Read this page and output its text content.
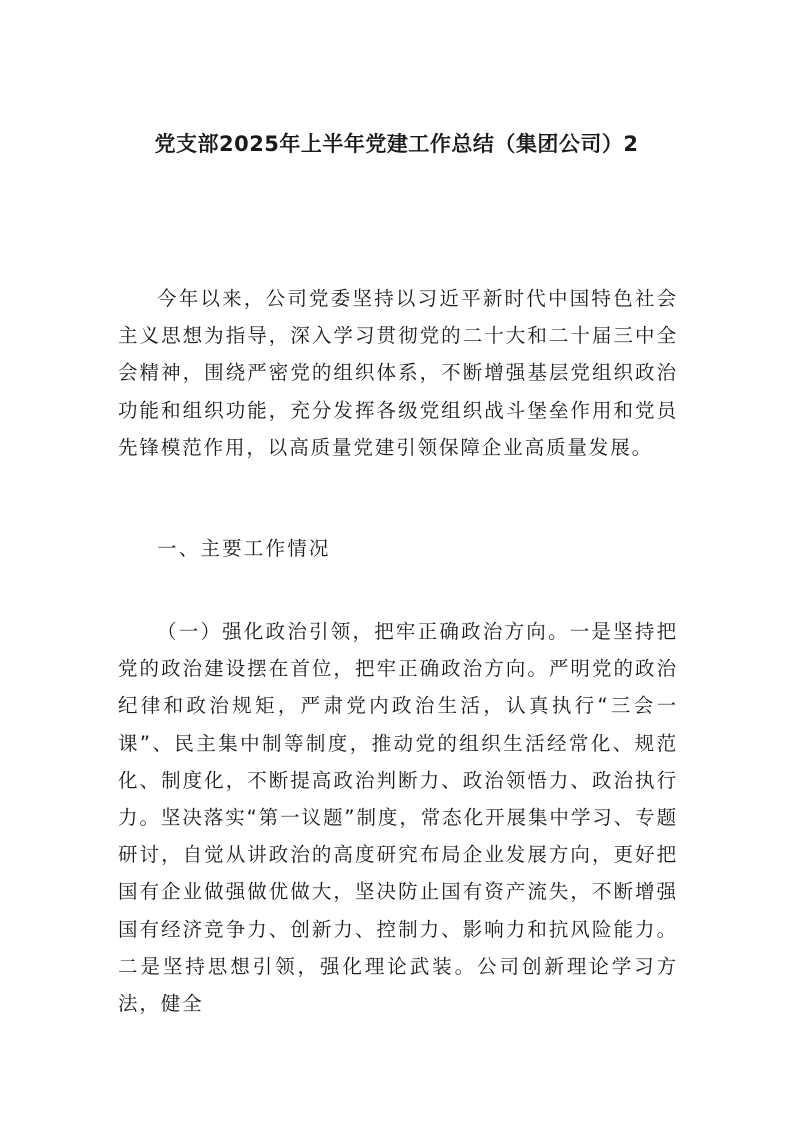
党支部2025年上半年党建工作总结（集团公司）2

今年以来，公司党委坚持以习近平新时代中国特色社会主义思想为指导，深入学习贯彻党的二十大和二十届三中全会精神，围绕严密党的组织体系，不断增强基层党组织政治功能和组织功能，充分发挥各级党组织战斗堡垒作用和党员先锋模范作用，以高质量党建引领保障企业高质量发展。

一、主要工作情况

（一）强化政治引领，把牢正确政治方向。一是坚持把党的政治建设摆在首位，把牢正确政治方向。严明党的政治纪律和政治规矩，严肃党内政治生活，认真执行“三会一课”、民主集中制等制度，推动党的组织生活经常化、规范化、制度化，不断提高政治判断力、政治领悟力、政治执行力。坚决落实“第一议题”制度，常态化开展集中学习、专题研讨，自觉从讲政治的高度研究布局企业发展方向，更好把国有企业做强做优做大，坚决防止国有资产流失，不断增强国有经济竞争力、创新力、控制力、影响力和抗风险能力。二是坚持思想引领，强化理论武装。公司创新理论学习方法，健全
